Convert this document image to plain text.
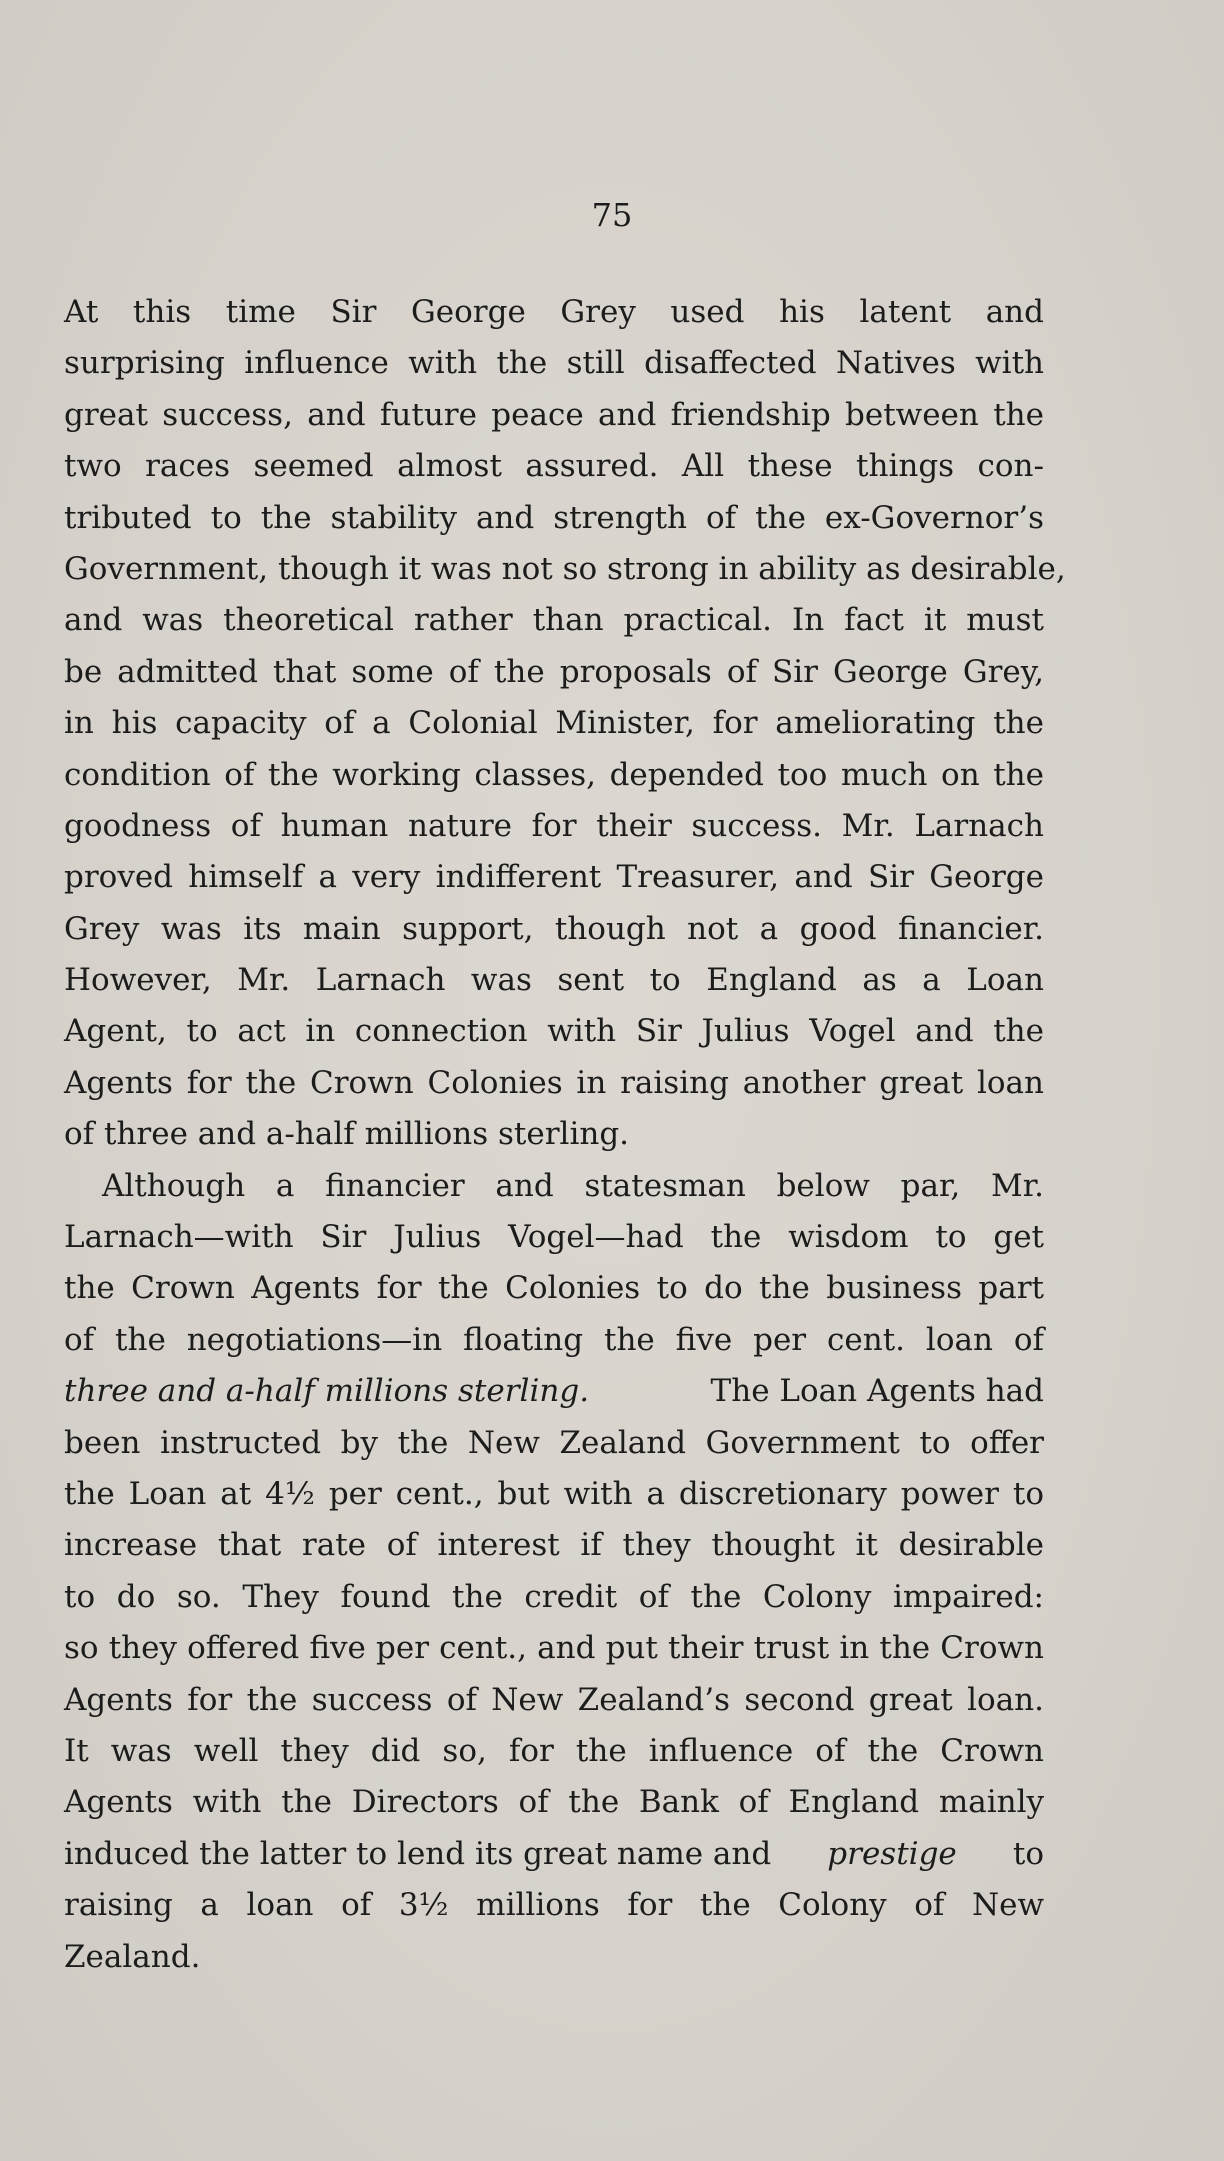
75
At this time Sir George Grey used his latent and
surprising influence with the still disaffected Natives with
great success, and future peace and friendship between the
two races seemed almost assured. All these things con-
tributed to the stability and strength of the ex-Governor’s
Government, though it was not so strong in ability as desirable,
and was theoretical rather than practical. In fact it must
be admitted that some of the proposals of Sir George Grey,
in his capacity of a Colonial Minister, for ameliorating the
condition of the working classes, depended too much on the
goodness of human nature for their success. Mr. Larnach
proved himself a very indifferent Treasurer, and Sir George
Grey was its main support, though not a good financier.
However, Mr. Larnach was sent to England as a Loan
Agent, to act in connection with Sir Julius Vogel and the
Agents for the Crown Colonies in raising another great loan
of three and a-half millions sterling.
Although a financier and statesman below par, Mr.
Larnach—with Sir Julius Vogel—had the wisdom to get
the Crown Agents for the Colonies to do the business part
of the negotiations—in floating the five per cent. loan of
three and a-half millions sterling.	The Loan Agents had
been instructed by the New Zealand Government to offer
the Loan at 4½ per cent., but with a discretionary power to
increase that rate of interest if they thought it desirable
to do so. They found the credit of the Colony impaired:
so they offered five per cent., and put their trust in the Crown
Agents for the success of New Zealand’s second great loan.
It was well they did so, for the influence of the Crown
Agents with the Directors of the Bank of England mainly
induced the latter to lend its great name and prestige to
raising a loan of 3½ millions for the Colony of New
Zealand.
